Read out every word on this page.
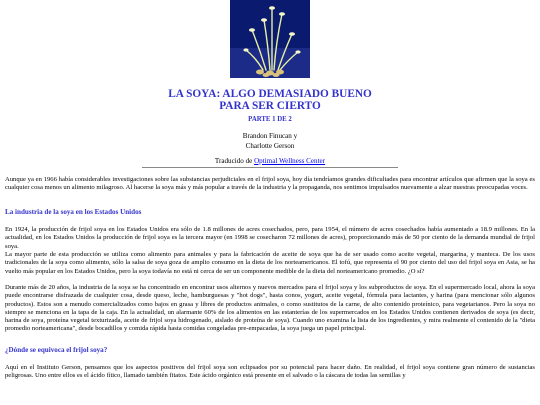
LA SOYA: ALGO DEMASIADO BUENO
PARA SER CIERTO
PARTE 1 DE 2
Brandon Finucan y
Charlotte Gerson
Traducido de Optimal Wellness Center

Aunque ya en 1966 había considerables investigaciones sobre las substancias perjudiciales en el frijol soya, hoy día tendríamos grandes dificultades para encontrar artículos que afirmen que la soya es cualquier cosa menos un alimento milagroso. Al hacerse la soya más y más popular a través de la industria y la propaganda, nos sentimos impulsados nuevamente a alzar nuestras preocupadas voces.

La industria de la soya en los Estados Unidos

En 1924, la producción de frijol soya en los Estados Unidos era sólo de 1.8 millones de acres cosechados, pero, para 1954, el número de acres cosechados había aumentado a 18.9 millones. En la actualidad, en los Estados Unidos la producción de frijol soya es la tercera mayor (en 1998 se cosecharon 72 millones de acres), proporcionando más de 50 por ciento de la demanda mundial de frijol soya.

La mayor parte de esta producción se utiliza como alimento para animales y para la fabricación de aceite de soya que ha de ser usado como aceite vegetal, margarina, y manteca. De los usos tradicionales de la soya como alimento, sólo la salsa de soya goza de amplio consumo en la dieta de los norteamericanos. El tofú, que representa el 90 por ciento del uso del frijol soya en Asia, se ha vuelto más popular en los Estados Unidos, pero la soya todavía no está ni cerca de ser un componente medible de la dieta del norteamericano promedio. ¿O sí?

Durante más de 20 años, la industria de la soya se ha concentrado en encontrar usos alternos y nuevos mercados para el frijol soya y los subproductos de soya. En el supermercado local, ahora la soya puede encontrarse disfrazada de cualquier cosa, desde queso, leche, hamburguesas y "hot dogs", hasta conos, yogurt, aceite vegetal, fórmula para lactantes, y harina (para mencionar sólo algunos productos). Estos son a menudo comercializados como bajos en grasa y libres de productos animales, o como sustitutos de la carne, de alto contenido proteínico, para vegetarianos. Pero la soya no siempre se menciona en la tapa de la caja. En la actualidad, un alarmante 60% de los alimentos en las estanterías de los supermercados en los Estados Unidos contienen derivados de soya (es decir, harina de soya, proteína vegetal texturizada, aceite de frijol soya hidrogenado, aislado de proteína de soya). Cuando uno examina la lista de los ingredientes, y mira realmente el contenido de la "dieta promedio norteamericana", desde bocadillos y comida rápida hasta comidas congeladas pre-empacadas, la soya juega un papel principal.

¿Dónde se equivoca el frijol soya?

Aquí en el Instituto Gerson, pensamos que los aspectos positivos del frijol soya son eclipsados por su potencial para hacer daño. En realidad, el frijol soya contiene gran número de sustancias peligrosas. Uno entre ellos es el ácido fítico, llamado también fitatos. Este ácido orgánico está presente en el salvado o la cáscara de todas las semillas y
